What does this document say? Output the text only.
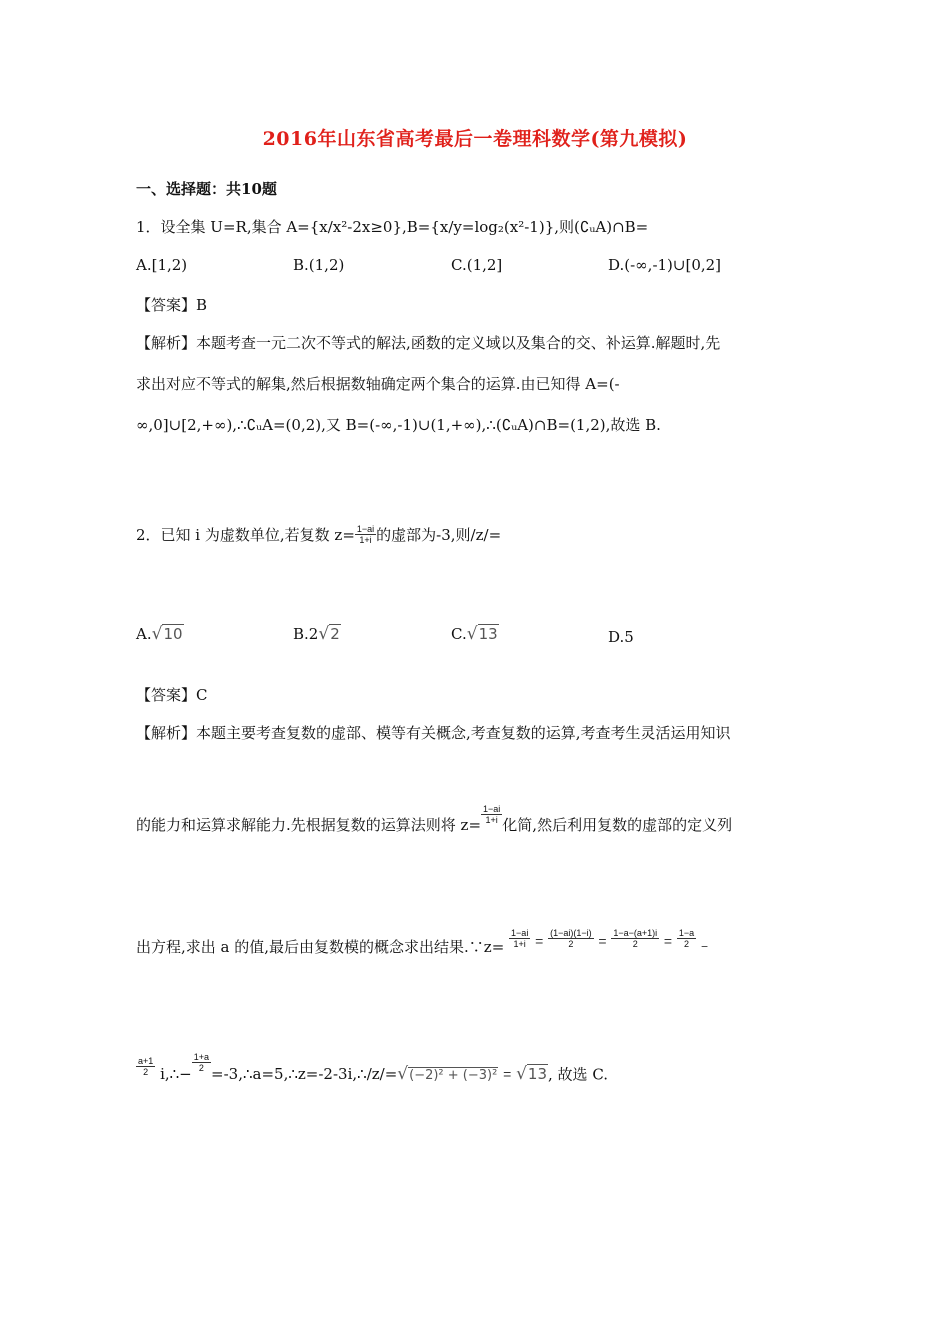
2016年山东省高考最后一卷理科数学(第九模拟)
一、选择题：共10题
1．设全集 U=R,集合 A={x/x²-2x≥0},B={x/y=log₂(x²-1)},则(∁ᵤA)∩B=
A.[1,2)	B.(1,2)	C.(1,2]	D.(-∞,-1)∪[0,2]
【答案】B
【解析】本题考查一元二次不等式的解法,函数的定义域以及集合的交、补运算.解题时,先
求出对应不等式的解集,然后根据数轴确定两个集合的运算.由已知得 A=(-
∞,0]∪[2,+∞),∴∁ᵤA=(0,2),又 B=(-∞,-1)∪(1,+∞),∴(∁ᵤA)∩B=(1,2),故选 B.
2．已知 i 为虚数单位,若复数 $z= \frac{1-ai}{1+i}$ 的虚部为-3,则/z/=
A.√10	B.2√2	C.√13	D.5
【答案】C
【解析】本题主要考查复数的虚部、模等有关概念,考查复数的运算,考查考生灵活运用知识
的能力和运算求解能力.先根据复数的运算法则将 $z= \frac{1-ai}{1+i}$ 化简,然后利用复数的虚部的定义列
出方程,求出 a 的值,最后由复数模的概念求出结果.∵z= $\frac{1-ai}{1+i} = \frac{(1-ai)(1-i)}{2} = \frac{1-a-(a+1)i}{2} = \frac{1-a}{2}$ −
$\frac{a+1}{2}$ i,∴−
$\frac{1+a}{2}$
=-3,∴a=5,∴z=-2-3i,∴/z/=√(−2)² + (−3)² = √13, 故选 C.
